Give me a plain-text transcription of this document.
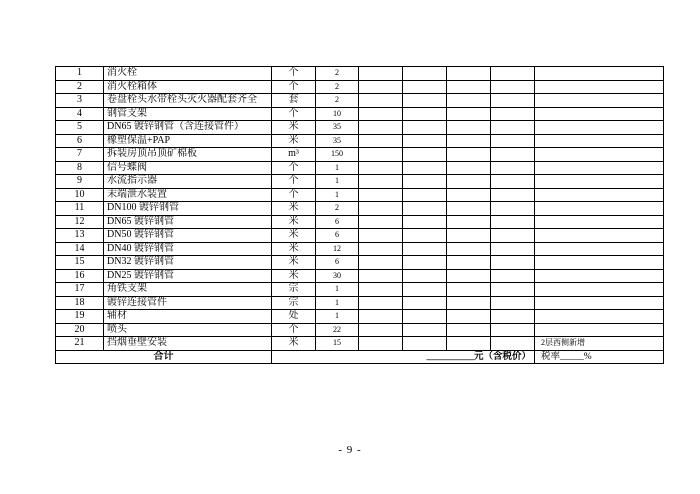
1	消火栓	个	2					
2	消火栓箱体	个	2					
3	卷盘栓头水带栓头灭火器配套齐全	套	2					
4	钢管支架	个	10					
5	DN65 镀锌钢管（含连接管件）	米	35					
6	橡塑保温+PAP	米	35					
7	拆装房顶吊顶矿棉板	m³	150					
8	信号蝶阀	个	1					
9	水流指示器	个	1					
10	末端泄水装置	个	1					
11	DN100 镀锌钢管	米	2					
12	DN65 镀锌钢管	米	6					
13	DN50 镀锌钢管	米	6					
14	DN40 镀锌钢管	米	12					
15	DN32 镀锌钢管	米	6					
16	DN25 镀锌钢管	米	30					
17	角铁支架	宗	1					
18	镀锌连接管件	宗	1					
19	辅材	处	1					
20	喷头	个	22					
21	挡烟垂壁安装	米	15					2层西侧新增
合计		__________元（含税价）						税率_____%
- 9 -
